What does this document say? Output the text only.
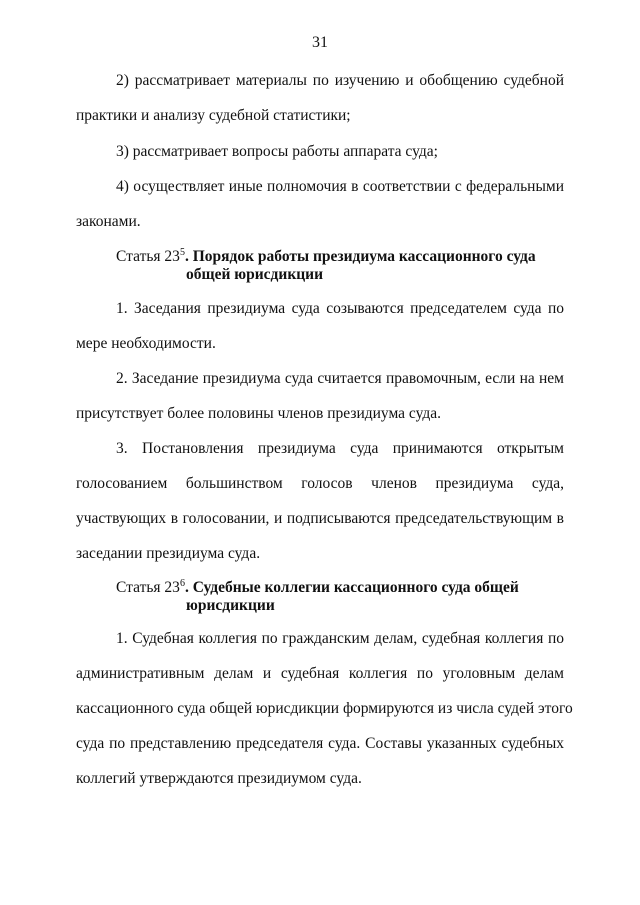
31
2) рассматривает материалы по изучению и обобщению судебной
практики и анализу судебной статистики;
3) рассматривает вопросы работы аппарата суда;
4) осуществляет иные полномочия в соответствии с федеральными
законами.
Статья $23^5$. Порядок работы президиума кассационного суда
общей юрисдикции
1. Заседания президиума суда созываются председателем суда по
мере необходимости.
2. Заседание президиума суда считается правомочным, если на нем
присутствует более половины членов президиума суда.
3. Постановления президиума суда принимаются открытым
голосованием большинством голосов членов президиума суда,
участвующих в голосовании, и подписываются председательствующим в
заседании президиума суда.
Статья $23^6$. Судебные коллегии кассационного суда общей
юрисдикции
1. Судебная коллегия по гражданским делам, судебная коллегия по
административным делам и судебная коллегия по уголовным делам
кассационного суда общей юрисдикции формируются из числа судей этого
суда по представлению председателя суда. Составы указанных судебных
коллегий утверждаются президиумом суда.
